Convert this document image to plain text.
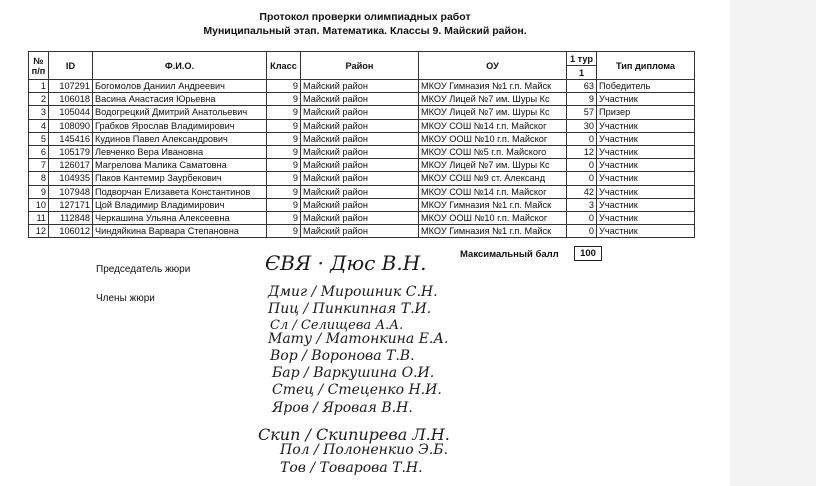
Протокол проверки олимпиадных работ
Муниципальный этап. Математика. Классы 9. Майский район.
№ п/п	ID	Ф.И.О.	Класс	Район	ОУ	1 тур	Тип диплома
						1	
1	107291	Богомолов Даниил Андреевич	9	Майский район	МКОУ Гимназия №1 г.п. Майск	63	Победитель
2	106018	Васина Анастасия Юрьевна	9	Майский район	МКОУ Лицей №7 им. Шуры Кс	9	Участник
3	105044	Водогрецкий Дмитрий Анатольевич	9	Майский район	МКОУ Лицей №7 им. Шуры Кс	57	Призер
4	108090	Грабков Ярослав Владимирович	9	Майский район	МКОУ СОШ №14 г.п. Майског	30	Участник
5	145416	Кудинов Павел Александрович	9	Майский район	МКОУ ООШ №10 г.п. Майског	0	Участник
6	105179	Левченко Вера Ивановна	9	Майский район	МКОУ СОШ №5 г.п. Майского	12	Участник
7	126017	Магрелова Малика Саматовна	9	Майский район	МКОУ Лицей №7 им. Шуры Кс	0	Участник
8	104935	Паков Кантемир Заурбекович	9	Майский район	МКОУ СОШ №9 ст. Александ	0	Участник
9	107948	Подворчан Елизавета Константинов	9	Майский район	МКОУ СОШ №14 г.п. Майског	42	Участник
10	127171	Цой Владимир Владимирович	9	Майский район	МКОУ Гимназия №1 г.п. Майск	3	Участник
11	112848	Черкашина Ульяна Алексеевна	9	Майский район	МКОУ ООШ №10 г.п. Майског	0	Участник
12	106012	Чиндяйкина Варвара Степановна	9	Майский район	МКОУ Гимназия №1 г.п. Майск	0	Участник
Максимальный балл	100
Председатель жюри
Члены жюри
ЄВЯ · Дюс В.Н.
Дмиг / Мирошник С.Н.
Пиц / Пинкипная Т.И.
Сл / Селищева А.А.
Мату / Матонкина Е.А.
Вор / Воронова Т.В.
Бар / Варкушина О.И.
Стец / Стеценко Н.И.
Яров / Яровая В.Н.
Скип / Скипирева Л.Н.
Пол / Полоненкио Э.Б.
Тов / Товарова Т.Н.
